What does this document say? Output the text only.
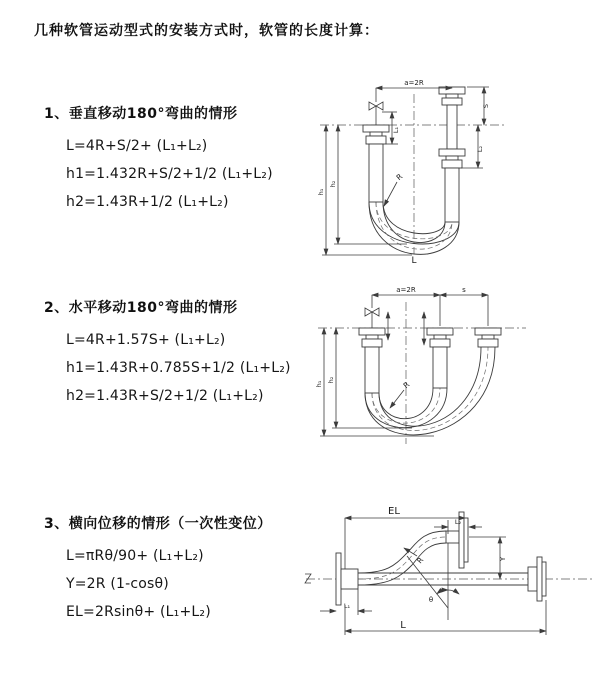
几种软管运动型式的安装方式时，软管的长度计算：
1、垂直移动180°弯曲的情形
L=4R+S/2+ (L₁+L₂)
h1=1.432R+S/2+1/2 (L₁+L₂)
h2=1.43R+1/2 (L₁+L₂)
2、水平移动180°弯曲的情形
L=4R+1.57S+ (L₁+L₂)
h1=1.43R+0.785S+1/2 (L₁+L₂)
h2=1.43R+S/2+1/2 (L₁+L₂)
3、横向位移的情形（一次性变位）
L=πRθ/90+ (L₁+L₂)
Y=2R (1-cosθ)
EL=2Rsinθ+ (L₁+L₂)
a=2R
h₁
h₂
L₁
S
L₂
R
L
a=2R	s
h₁
h₂	R
θ
EL
L₂
Y
R
L₁
L
